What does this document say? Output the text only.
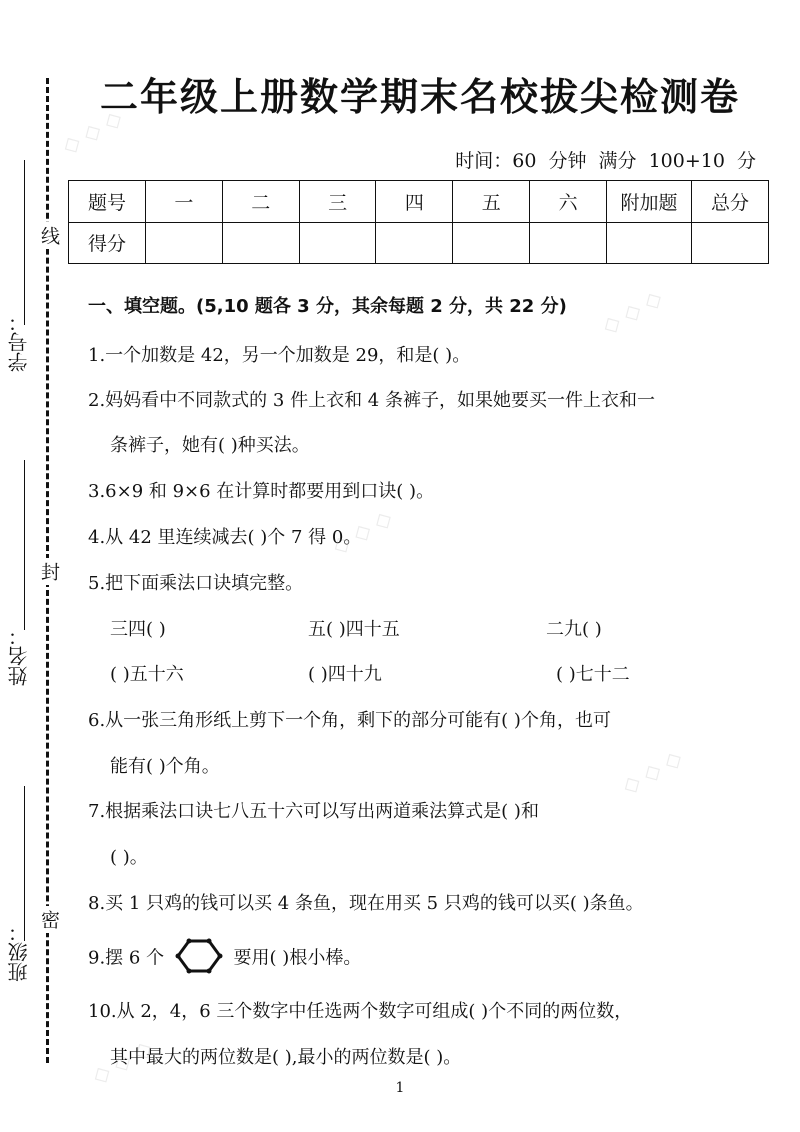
学号：
姓名：
班级：
线
封
密
二年级上册数学期末名校拔尖检测卷
时间：60 分钟 满分 100+10 分
题号	一	二	三	四	五	六	附加题	总分
得分								
一、填空题。(5,10 题各 3 分，其余每题 2 分，共 22 分)
1.一个加数是 42，另一个加数是 29，和是( )。
2.妈妈看中不同款式的 3 件上衣和 4 条裤子，如果她要买一件上衣和一
条裤子，她有( )种买法。
3.6×9 和 9×6 在计算时都要用到口诀( )。
4.从 42 里连续减去( )个 7 得 0。
5.把下面乘法口诀填完整。
三四( )	五( )四十五	二九( )
( )五十六	( )四十九	( )七十二
6.从一张三角形纸上剪下一个角，剩下的部分可能有( )个角，也可
能有( )个角。
7.根据乘法口诀七八五十六可以写出两道乘法算式是( )和
( )。
8.买 1 只鸡的钱可以买 4 条鱼，现在用买 5 只鸡的钱可以买( )条鱼。
9.摆 6 个	要用( )根小棒。
10.从 2，4，6 三个数字中任选两个数字可组成( )个不同的两位数，
其中最大的两位数是( ),最小的两位数是( )。
1
◇ ◇ ◇
◇ ◇ ◇
◇ ◇ ◇
◇ ◇ ◇
◇ ◇ ◇
